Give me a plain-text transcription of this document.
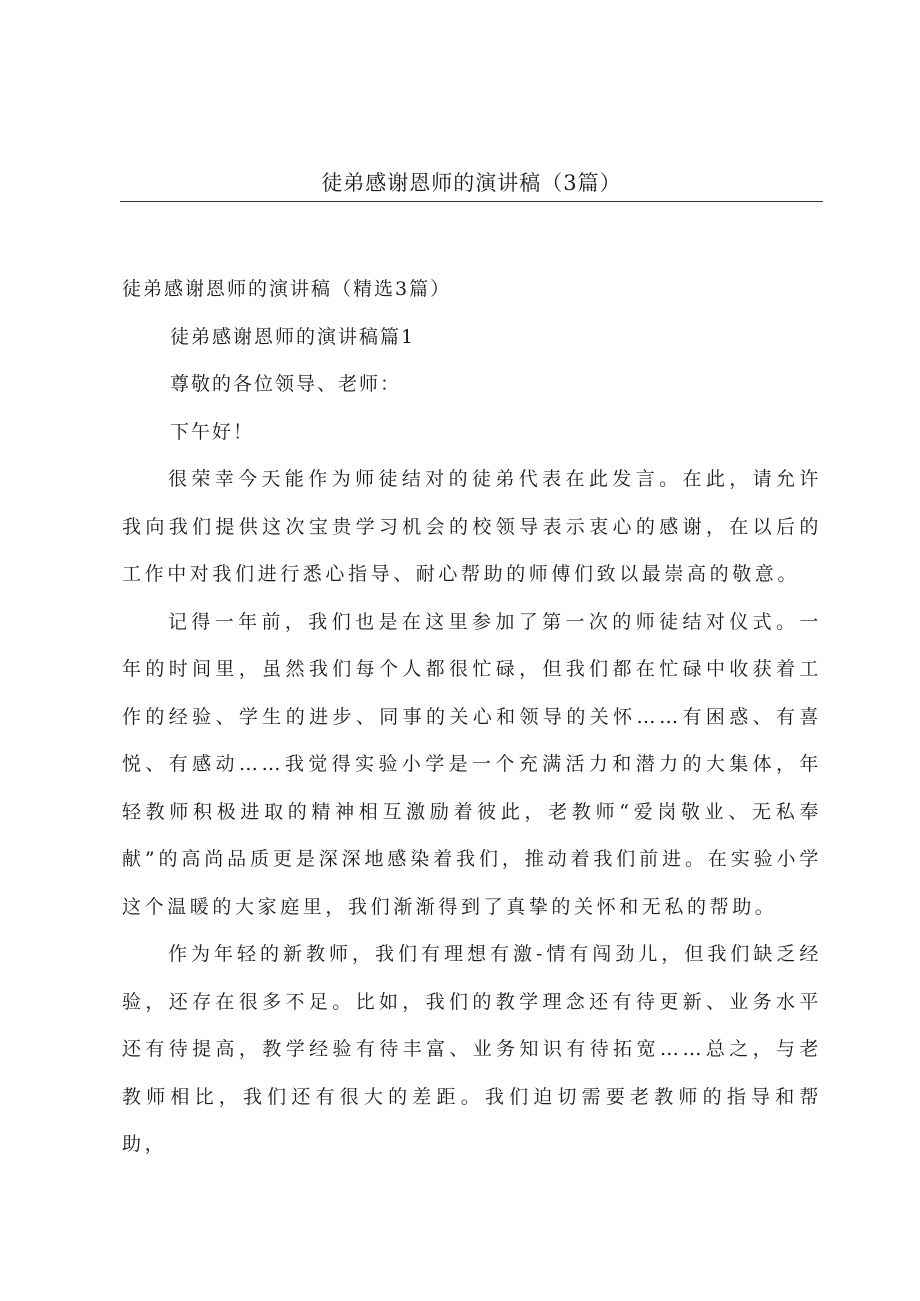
徒弟感谢恩师的演讲稿（3篇）
徒弟感谢恩师的演讲稿（精选3篇）
徒弟感谢恩师的演讲稿篇1
尊敬的各位领导、老师：
下午好！

很荣幸今天能作为师徒结对的徒弟代表在此发言。在此，请允许我向我们提供这次宝贵学习机会的校领导表示衷心的感谢，在以后的工作中对我们进行悉心指导、耐心帮助的师傅们致以最崇高的敬意。

记得一年前，我们也是在这里参加了第一次的师徒结对仪式。一年的时间里，虽然我们每个人都很忙碌，但我们都在忙碌中收获着工作的经验、学生的进步、同事的关心和领导的关怀……有困惑、有喜悦、有感动……我觉得实验小学是一个充满活力和潜力的大集体，年轻教师积极进取的精神相互激励着彼此，老教师“爱岗敬业、无私奉献”的高尚品质更是深深地感染着我们，推动着我们前进。在实验小学这个温暖的大家庭里，我们渐渐得到了真挚的关怀和无私的帮助。

作为年轻的新教师，我们有理想有激-情有闯劲儿，但我们缺乏经验，还存在很多不足。比如，我们的教学理念还有待更新、业务水平还有待提高，教学经验有待丰富、业务知识有待拓宽……总之，与老教师相比，我们还有很大的差距。我们迫切需要老教师的指导和帮助，
